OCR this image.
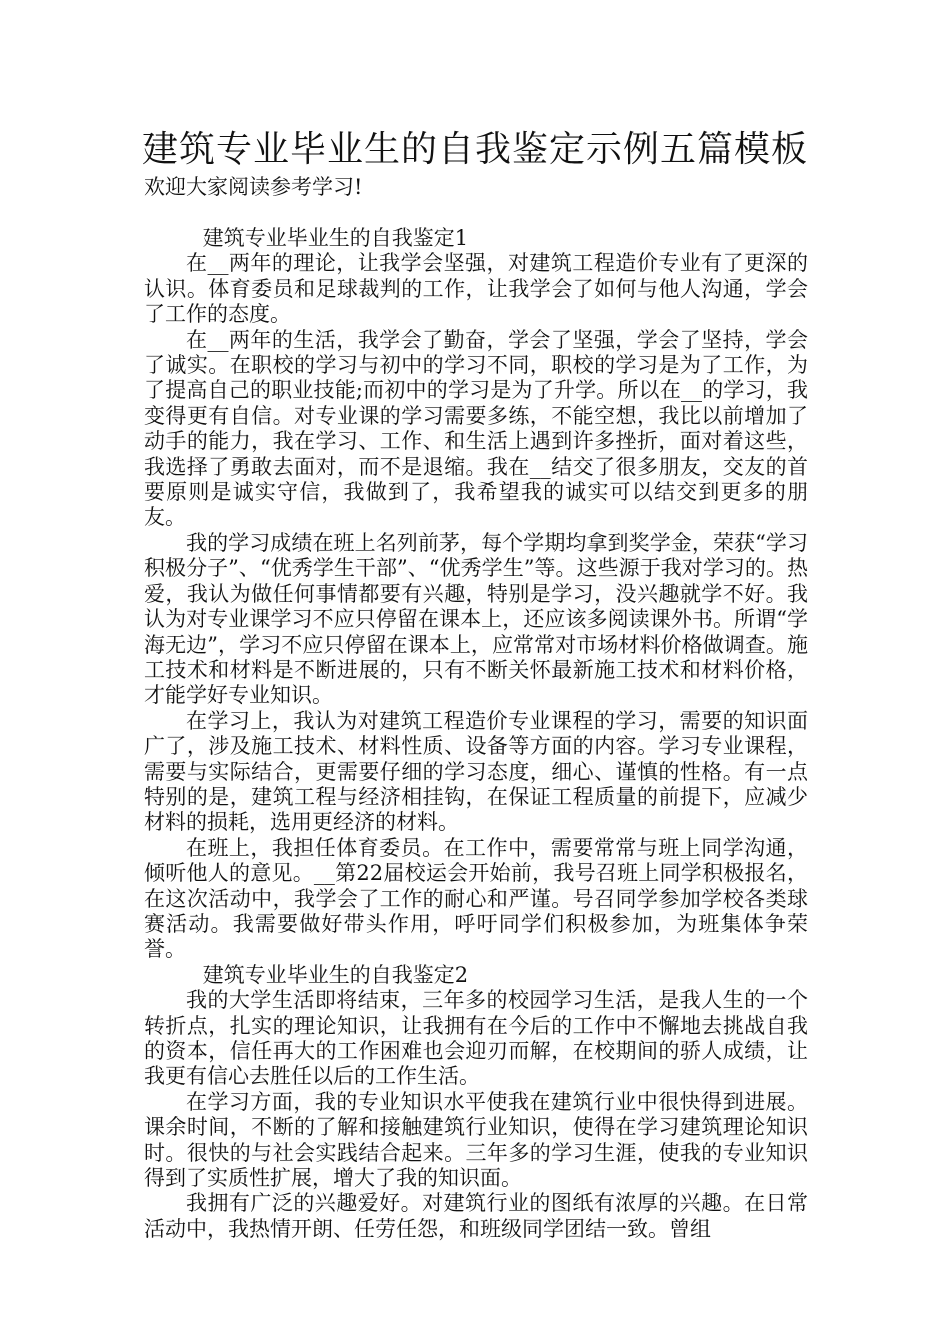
建筑专业毕业生的自我鉴定示例五篇模板

欢迎大家阅读参考学习!

建筑专业毕业生的自我鉴定1

在__两年的理论，让我学会坚强，对建筑工程造价专业有了更深的认识。体育委员和足球裁判的工作，让我学会了如何与他人沟通，学会了工作的态度。

在__两年的生活，我学会了勤奋，学会了坚强，学会了坚持，学会了诚实。在职校的学习与初中的学习不同，职校的学习是为了工作，为了提高自己的职业技能;而初中的学习是为了升学。所以在__的学习，我变得更有自信。对专业课的学习需要多练，不能空想，我比以前增加了动手的能力，我在学习、工作、和生活上遇到许多挫折，面对着这些，我选择了勇敢去面对，而不是退缩。我在__结交了很多朋友，交友的首要原则是诚实守信，我做到了，我希望我的诚实可以结交到更多的朋友。

我的学习成绩在班上名列前茅，每个学期均拿到奖学金，荣获“学习积极分子”、“优秀学生干部”、“优秀学生”等。这些源于我对学习的。热爱，我认为做任何事情都要有兴趣，特别是学习，没兴趣就学不好。我认为对专业课学习不应只停留在课本上，还应该多阅读课外书。所谓“学海无边”，学习不应只停留在课本上，应常常对市场材料价格做调查。施工技术和材料是不断进展的，只有不断关怀最新施工技术和材料价格，才能学好专业知识。

在学习上，我认为对建筑工程造价专业课程的学习，需要的知识面广了，涉及施工技术、材料性质、设备等方面的内容。学习专业课程，需要与实际结合，更需要仔细的学习态度，细心、谨慎的性格。有一点特别的是，建筑工程与经济相挂钩，在保证工程质量的前提下，应减少材料的损耗，选用更经济的材料。

在班上，我担任体育委员。在工作中，需要常常与班上同学沟通，倾听他人的意见。__第22届校运会开始前，我号召班上同学积极报名，在这次活动中，我学会了工作的耐心和严谨。号召同学参加学校各类球赛活动。我需要做好带头作用，呼吁同学们积极参加，为班集体争荣誉。

建筑专业毕业生的自我鉴定2

我的大学生活即将结束，三年多的校园学习生活，是我人生的一个转折点，扎实的理论知识，让我拥有在今后的工作中不懈地去挑战自我的资本，信任再大的工作困难也会迎刃而解，在校期间的骄人成绩，让我更有信心去胜任以后的工作生活。

在学习方面，我的专业知识水平使我在建筑行业中很快得到进展。课余时间，不断的了解和接触建筑行业知识，使得在学习建筑理论知识时。很快的与社会实践结合起来。三年多的学习生涯，使我的专业知识得到了实质性扩展，增大了我的知识面。

我拥有广泛的兴趣爱好。对建筑行业的图纸有浓厚的兴趣。在日常活动中，我热情开朗、任劳任怨，和班级同学团结一致。曾组
